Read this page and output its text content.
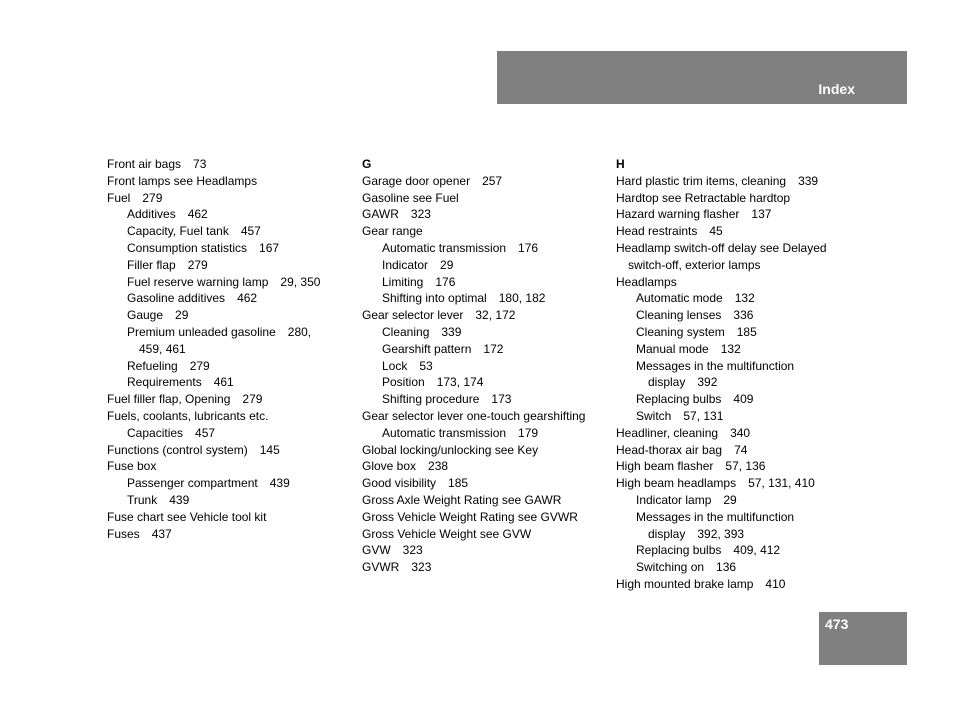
Index
Front air bags 73
Front lamps see Headlamps
Fuel 279
Additives 462
Capacity, Fuel tank 457
Consumption statistics 167
Filler flap 279
Fuel reserve warning lamp 29, 350
Gasoline additives 462
Gauge 29
Premium unleaded gasoline 280,
459, 461
Refueling 279
Requirements 461
Fuel filler flap, Opening 279
Fuels, coolants, lubricants etc.
Capacities 457
Functions (control system) 145
Fuse box
Passenger compartment 439
Trunk 439
Fuse chart see Vehicle tool kit
Fuses 437
G
Garage door opener 257
Gasoline see Fuel
GAWR 323
Gear range
Automatic transmission 176
Indicator 29
Limiting 176
Shifting into optimal 180, 182
Gear selector lever 32, 172
Cleaning 339
Gearshift pattern 172
Lock 53
Position 173, 174
Shifting procedure 173
Gear selector lever one-touch gearshifting
Automatic transmission 179
Global locking/unlocking see Key
Glove box 238
Good visibility 185
Gross Axle Weight Rating see GAWR
Gross Vehicle Weight Rating see GVWR
Gross Vehicle Weight see GVW
GVW 323
GVWR 323
H
Hard plastic trim items, cleaning 339
Hardtop see Retractable hardtop
Hazard warning flasher 137
Head restraints 45
Headlamp switch-off delay see Delayed
switch-off, exterior lamps
Headlamps
Automatic mode 132
Cleaning lenses 336
Cleaning system 185
Manual mode 132
Messages in the multifunction
display 392
Replacing bulbs 409
Switch 57, 131
Headliner, cleaning 340
Head-thorax air bag 74
High beam flasher 57, 136
High beam headlamps 57, 131, 410
Indicator lamp 29
Messages in the multifunction
display 392, 393
Replacing bulbs 409, 412
Switching on 136
High mounted brake lamp 410
473
